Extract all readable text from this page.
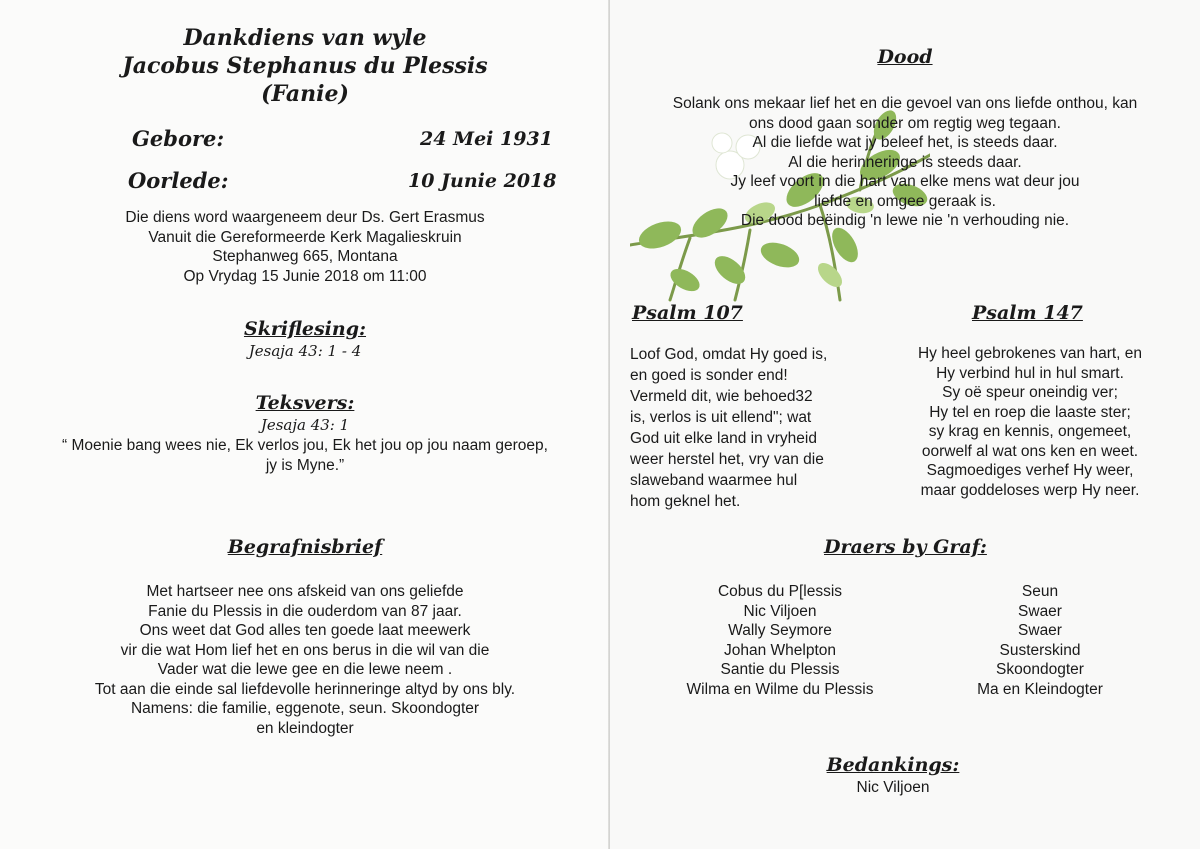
Dankdiens van wyle
Jacobus Stephanus du Plessis
(Fanie)
Gebore:	24 Mei 1931
Oorlede:	10 Junie 2018
Die diens word waargeneem deur Ds. Gert Erasmus
Vanuit die Gereformeerde Kerk Magalieskruin
Stephanweg 665, Montana
Op Vrydag 15 Junie 2018 om 11:00
Skriflesing:
Jesaja 43: 1 - 4
Teksvers:
Jesaja 43: 1
“ Moenie bang wees nie, Ek verlos jou, Ek het jou op jou naam geroep,
jy is Myne.”
Begrafnisbrief
Met hartseer nee ons afskeid van ons geliefde
Fanie du Plessis in die ouderdom van 87 jaar.
Ons weet dat God alles ten goede laat meewerk
vir die wat Hom lief het en ons berus in die wil van die
Vader wat die lewe gee en die lewe neem .
Tot aan die einde sal liefdevolle herinneringe altyd by ons bly.
Namens: die familie, eggenote, seun. Skoondogter
en kleindogter
Dood
Solank ons mekaar lief het en die gevoel van ons liefde onthou, kan
ons dood gaan sonder om regtig weg tegaan.
Al die liefde wat jy beleef het, is steeds daar.
Al die herinneringe is steeds daar.
Jy leef voort in die hart van elke mens wat deur jou
liefde en omgee geraak is.
Die dood beëindig 'n lewe nie 'n verhouding nie.
Psalm 107
Loof God, omdat Hy goed is,
en goed is sonder end!
Vermeld dit, wie behoed32
is, verlos is uit ellend"; wat
God uit elke land in vryheid
weer herstel het, vry van die
slaweband waarmee hul
hom geknel het.
Psalm 147
Hy heel gebrokenes van hart, en
Hy verbind hul in hul smart.
Sy oë speur oneindig ver;
Hy tel en roep die laaste ster;
sy krag en kennis, ongemeet,
oorwelf al wat ons ken en weet.
Sagmoediges verhef Hy weer,
maar goddeloses werp Hy neer.
Draers by Graf:
Cobus du P[lessis
Nic Viljoen
Wally Seymore
Johan Whelpton
Santie du Plessis
Wilma en Wilme du Plessis
Seun
Swaer
Swaer
Susterskind
Skoondogter
Ma en Kleindogter
Bedankings:
Nic Viljoen
